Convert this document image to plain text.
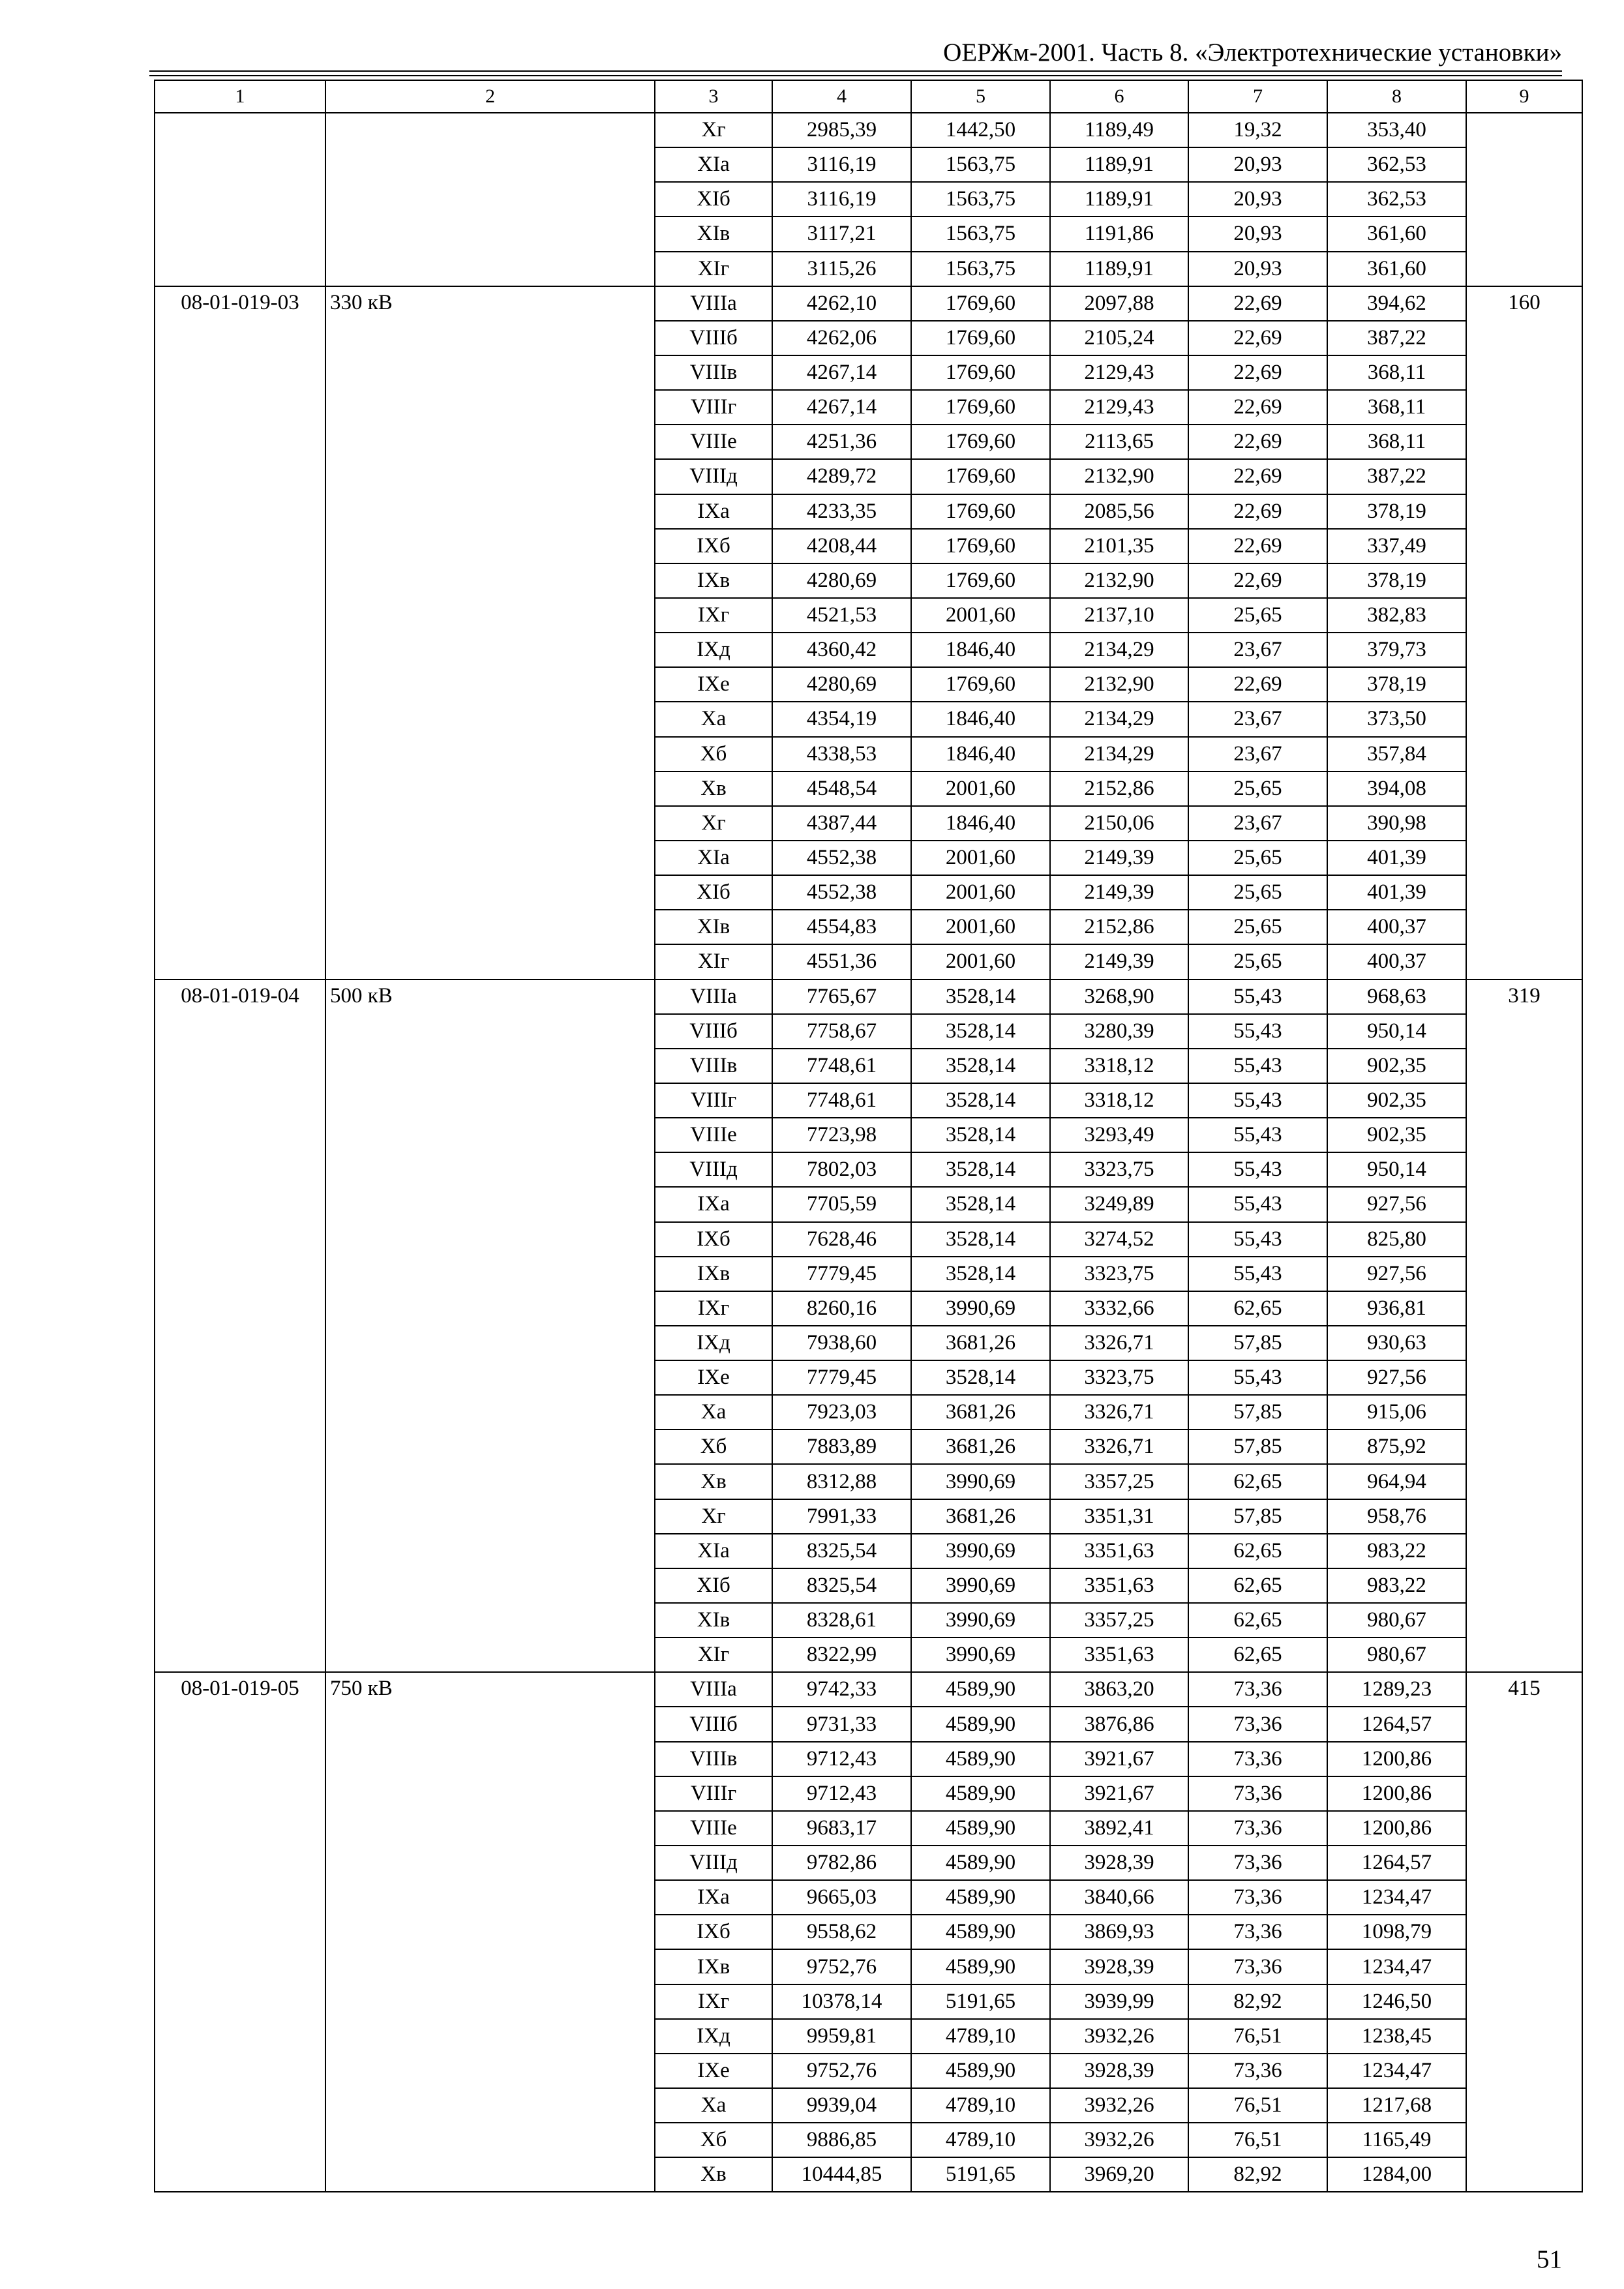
ОЕРЖм-2001. Часть 8. «Электротехнические установки»
1	2	3	4	5	6	7	8	9
		Xг	2985,39	1442,50	1189,49	19,32	353,40	
		XIа	3116,19	1563,75	1189,91	20,93	362,53	
		XIб	3116,19	1563,75	1189,91	20,93	362,53	
		XIв	3117,21	1563,75	1191,86	20,93	361,60	
		XIг	3115,26	1563,75	1189,91	20,93	361,60	
08-01-019-03	330 кВ	VIIIа	4262,10	1769,60	2097,88	22,69	394,62	160
		VIIIб	4262,06	1769,60	2105,24	22,69	387,22	
		VIIIв	4267,14	1769,60	2129,43	22,69	368,11	
		VIIIг	4267,14	1769,60	2129,43	22,69	368,11	
		VIIIе	4251,36	1769,60	2113,65	22,69	368,11	
		VIIIд	4289,72	1769,60	2132,90	22,69	387,22	
		IXа	4233,35	1769,60	2085,56	22,69	378,19	
		IXб	4208,44	1769,60	2101,35	22,69	337,49	
		IXв	4280,69	1769,60	2132,90	22,69	378,19	
		IXг	4521,53	2001,60	2137,10	25,65	382,83	
		IXд	4360,42	1846,40	2134,29	23,67	379,73	
		IXе	4280,69	1769,60	2132,90	22,69	378,19	
		Xа	4354,19	1846,40	2134,29	23,67	373,50	
		Xб	4338,53	1846,40	2134,29	23,67	357,84	
		Xв	4548,54	2001,60	2152,86	25,65	394,08	
		Xг	4387,44	1846,40	2150,06	23,67	390,98	
		XIа	4552,38	2001,60	2149,39	25,65	401,39	
		XIб	4552,38	2001,60	2149,39	25,65	401,39	
		XIв	4554,83	2001,60	2152,86	25,65	400,37	
		XIг	4551,36	2001,60	2149,39	25,65	400,37	
08-01-019-04	500 кВ	VIIIа	7765,67	3528,14	3268,90	55,43	968,63	319
		VIIIб	7758,67	3528,14	3280,39	55,43	950,14	
		VIIIв	7748,61	3528,14	3318,12	55,43	902,35	
		VIIIг	7748,61	3528,14	3318,12	55,43	902,35	
		VIIIе	7723,98	3528,14	3293,49	55,43	902,35	
		VIIIд	7802,03	3528,14	3323,75	55,43	950,14	
		IXа	7705,59	3528,14	3249,89	55,43	927,56	
		IXб	7628,46	3528,14	3274,52	55,43	825,80	
		IXв	7779,45	3528,14	3323,75	55,43	927,56	
		IXг	8260,16	3990,69	3332,66	62,65	936,81	
		IXд	7938,60	3681,26	3326,71	57,85	930,63	
		IXе	7779,45	3528,14	3323,75	55,43	927,56	
		Xа	7923,03	3681,26	3326,71	57,85	915,06	
		Xб	7883,89	3681,26	3326,71	57,85	875,92	
		Xв	8312,88	3990,69	3357,25	62,65	964,94	
		Xг	7991,33	3681,26	3351,31	57,85	958,76	
		XIа	8325,54	3990,69	3351,63	62,65	983,22	
		XIб	8325,54	3990,69	3351,63	62,65	983,22	
		XIв	8328,61	3990,69	3357,25	62,65	980,67	
		XIг	8322,99	3990,69	3351,63	62,65	980,67	
08-01-019-05	750 кВ	VIIIа	9742,33	4589,90	3863,20	73,36	1289,23	415
		VIIIб	9731,33	4589,90	3876,86	73,36	1264,57	
		VIIIв	9712,43	4589,90	3921,67	73,36	1200,86	
		VIIIг	9712,43	4589,90	3921,67	73,36	1200,86	
		VIIIе	9683,17	4589,90	3892,41	73,36	1200,86	
		VIIIд	9782,86	4589,90	3928,39	73,36	1264,57	
		IXа	9665,03	4589,90	3840,66	73,36	1234,47	
		IXб	9558,62	4589,90	3869,93	73,36	1098,79	
		IXв	9752,76	4589,90	3928,39	73,36	1234,47	
		IXг	10378,14	5191,65	3939,99	82,92	1246,50	
		IXд	9959,81	4789,10	3932,26	76,51	1238,45	
		IXе	9752,76	4589,90	3928,39	73,36	1234,47	
		Xа	9939,04	4789,10	3932,26	76,51	1217,68	
		Xб	9886,85	4789,10	3932,26	76,51	1165,49	
		Xв	10444,85	5191,65	3969,20	82,92	1284,00	
51
